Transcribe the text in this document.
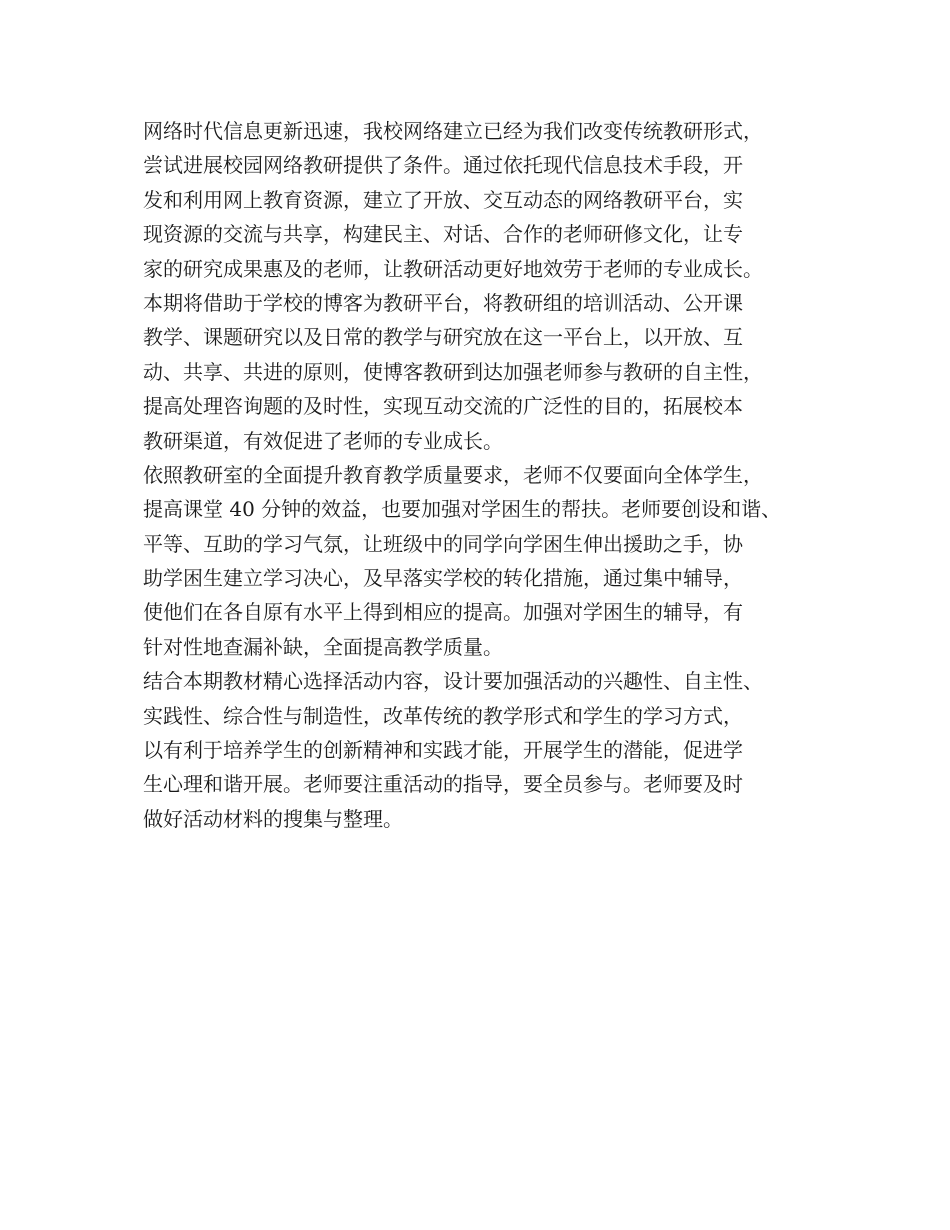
网络时代信息更新迅速，我校网络建立已经为我们改变传统教研形式，
尝试进展校园网络教研提供了条件。通过依托现代信息技术手段，开
发和利用网上教育资源，建立了开放、交互动态的网络教研平台，实
现资源的交流与共享，构建民主、对话、合作的老师研修文化，让专
家的研究成果惠及的老师，让教研活动更好地效劳于老师的专业成长。
本期将借助于学校的博客为教研平台，将教研组的培训活动、公开课
教学、课题研究以及日常的教学与研究放在这一平台上，以开放、互
动、共享、共进的原则，使博客教研到达加强老师参与教研的自主性，
提高处理咨询题的及时性，实现互动交流的广泛性的目的，拓展校本
教研渠道，有效促进了老师的专业成长。
依照教研室的全面提升教育教学质量要求，老师不仅要面向全体学生，
提高课堂 40 分钟的效益，也要加强对学困生的帮扶。老师要创设和谐、
平等、互助的学习气氛，让班级中的同学向学困生伸出援助之手，协
助学困生建立学习决心，及早落实学校的转化措施，通过集中辅导，
使他们在各自原有水平上得到相应的提高。加强对学困生的辅导，有
针对性地查漏补缺，全面提高教学质量。
结合本期教材精心选择活动内容，设计要加强活动的兴趣性、自主性、
实践性、综合性与制造性，改革传统的教学形式和学生的学习方式，
以有利于培养学生的创新精神和实践才能，开展学生的潜能，促进学
生心理和谐开展。老师要注重活动的指导，要全员参与。老师要及时
做好活动材料的搜集与整理。
